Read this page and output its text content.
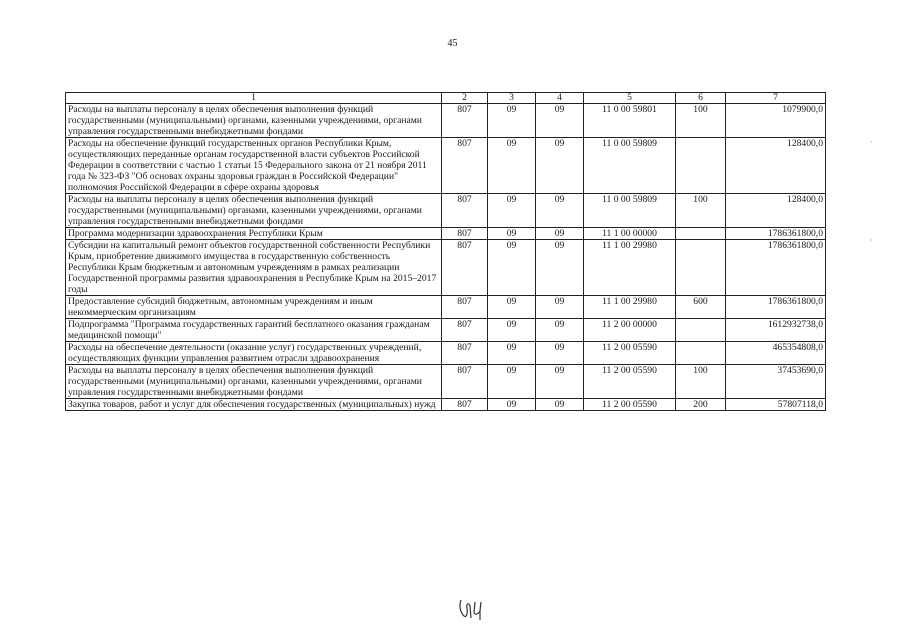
45
1	2	3	4	5	6	7
Расходы на выплаты персоналу в целях обеспечения выполнения функций государственными (муниципальными) органами, казенными учреждениями, органами управления государственными внебюджетными фондами	807	09	09	11 0 00 59801	100	1079900,0
Расходы на обеспечение функций государственных органов Республики Крым, осуществляющих переданные органам государственной власти субъектов Российской Федерации в соответствии с частью 1 статьи 15 Федерального закона от 21 ноября 2011 года № 323-ФЗ "Об основах охраны здоровья граждан в Российской Федерации" полномочия Российской Федерации в сфере охраны здоровья	807	09	09	11 0 00 59809		128400,0
Расходы на выплаты персоналу в целях обеспечения выполнения функций государственными (муниципальными) органами, казенными учреждениями, органами управления государственными внебюджетными фондами	807	09	09	11 0 00 59809	100	128400,0
Программа модернизации здравоохранения Республики Крым	807	09	09	11 1 00 00000		1786361800,0
Субсидии на капитальный ремонт объектов государственной собственности Республики Крым, приобретение движимого имущества в государственную собственность Республики Крым бюджетным и автономным учреждениям в рамках реализации Государственной программы развития здравоохранения в Республике Крым на 2015–2017 годы	807	09	09	11 1 00 29980		1786361800,0
Предоставление субсидий бюджетным, автономным учреждениям и иным некоммерческим организациям	807	09	09	11 1 00 29980	600	1786361800,0
Подпрограмма "Программа государственных гарантий бесплатного оказания гражданам медицинской помощи"	807	09	09	11 2 00 00000		1612932738,0
Расходы на обеспечение деятельности (оказание услуг) государственных учреждений, осуществляющих функции управления развитием отрасли здравоохранения	807	09	09	11 2 00 05590		465354808,0
Расходы на выплаты персоналу в целях обеспечения выполнения функций государственными (муниципальными) органами, казенными учреждениями, органами управления государственными внебюджетными фондами	807	09	09	11 2 00 05590	100	37453690,0
Закупка товаров, работ и услуг для обеспечения государственных (муниципальных) нужд	807	09	09	11 2 00 05590	200	57807118,0
·
·
